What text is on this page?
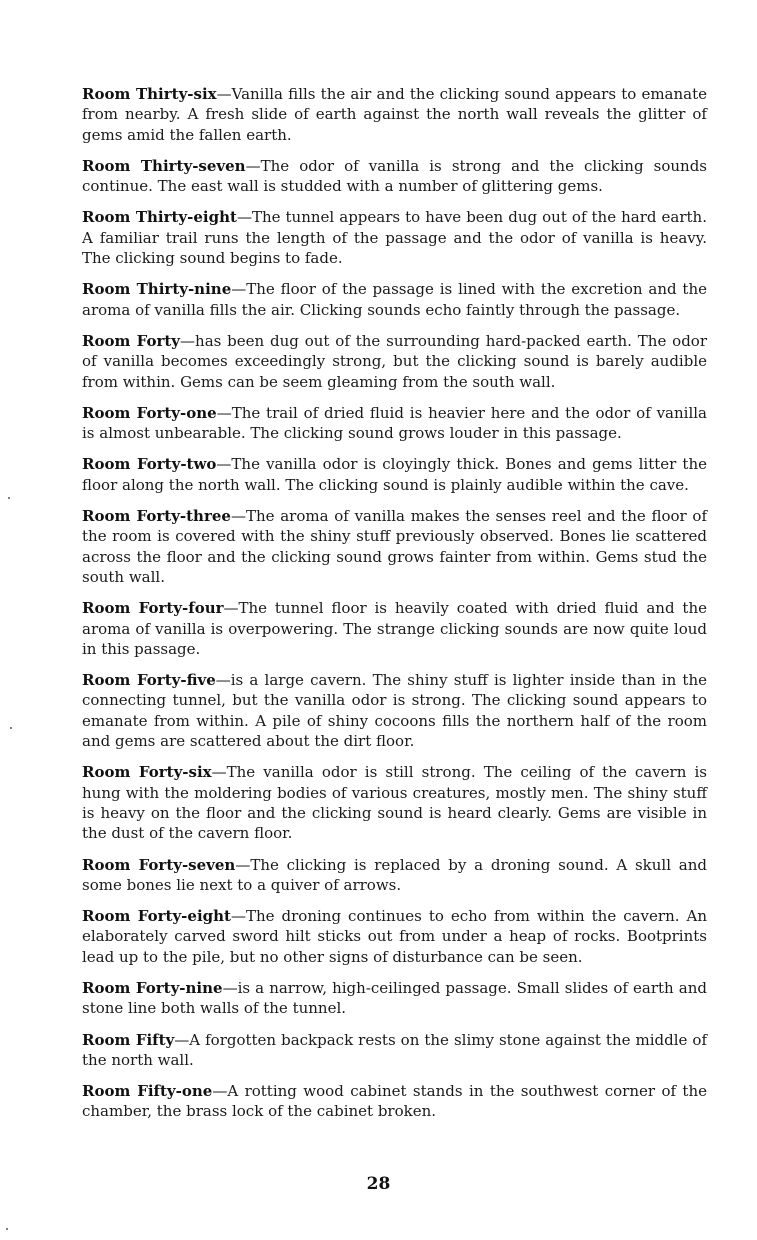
Room Thirty-six—Vanilla fills the air and the clicking sound appears to emanate from nearby. A fresh slide of earth against the north wall reveals the glitter of gems amid the fallen earth.

Room Thirty-seven—The odor of vanilla is strong and the clicking sounds continue. The east wall is studded with a number of glittering gems.

Room Thirty-eight—The tunnel appears to have been dug out of the hard earth. A familiar trail runs the length of the passage and the odor of vanilla is heavy. The clicking sound begins to fade.

Room Thirty-nine—The floor of the passage is lined with the excretion and the aroma of vanilla fills the air. Clicking sounds echo faintly through the passage.

Room Forty—has been dug out of the surrounding hard-packed earth. The odor of vanilla becomes exceedingly strong, but the clicking sound is barely audible from within. Gems can be seem gleaming from the south wall.

Room Forty-one—The trail of dried fluid is heavier here and the odor of vanilla is almost unbearable. The clicking sound grows louder in this passage.

Room Forty-two—The vanilla odor is cloyingly thick. Bones and gems litter the floor along the north wall. The clicking sound is plainly audible within the cave.

Room Forty-three—The aroma of vanilla makes the senses reel and the floor of the room is covered with the shiny stuff previously observed. Bones lie scattered across the floor and the clicking sound grows fainter from within. Gems stud the south wall.

Room Forty-four—The tunnel floor is heavily coated with dried fluid and the aroma of vanilla is overpowering. The strange clicking sounds are now quite loud in this passage.

Room Forty-five—is a large cavern. The shiny stuff is lighter inside than in the connecting tunnel, but the vanilla odor is strong. The clicking sound appears to emanate from within. A pile of shiny cocoons fills the northern half of the room and gems are scattered about the dirt floor.

Room Forty-six—The vanilla odor is still strong. The ceiling of the cavern is hung with the moldering bodies of various creatures, mostly men. The shiny stuff is heavy on the floor and the clicking sound is heard clearly. Gems are visible in the dust of the cavern floor.

Room Forty-seven—The clicking is replaced by a droning sound. A skull and some bones lie next to a quiver of arrows.

Room Forty-eight—The droning continues to echo from within the cavern. An elaborately carved sword hilt sticks out from under a heap of rocks. Bootprints lead up to the pile, but no other signs of disturbance can be seen.

Room Forty-nine—is a narrow, high-ceilinged passage. Small slides of earth and stone line both walls of the tunnel.

Room Fifty—A forgotten backpack rests on the slimy stone against the middle of the north wall.

Room Fifty-one—A rotting wood cabinet stands in the southwest corner of the chamber, the brass lock of the cabinet broken.

28
